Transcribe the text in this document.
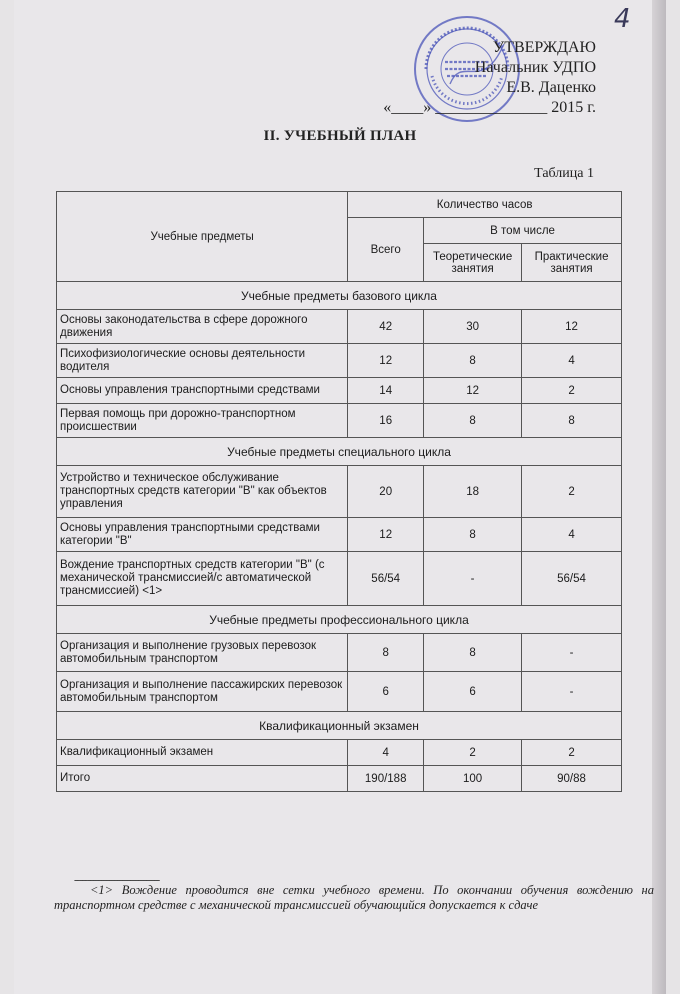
4
УТВЕРЖДАЮ
Начальник УДПО
Е.В. Даценко
«____» ______________ 2015 г.
II. УЧЕБНЫЙ ПЛАН
Таблица 1
Учебные предметы	Количество часов		
	Всего	В том числе	
		Теоретические занятия	Практические занятия
Учебные предметы базового цикла			
Основы законодательства в сфере дорожного движения	42	30	12
Психофизиологические основы деятельности водителя	12	8	4
Основы управления транспортными средствами	14	12	2
Первая помощь при дорожно-транспортном происшествии	16	8	8
Учебные предметы специального цикла			
Устройство и техническое обслуживание транспортных средств категории "В" как объектов управления	20	18	2
Основы управления транспортными средствами категории "В"	12	8	4
Вождение транспортных средств категории "В" (с механической трансмиссией/с автоматической трансмиссией) <1>	56/54	-	56/54
Учебные предметы профессионального цикла			
Организация и выполнение грузовых перевозок автомобильным транспортом	8	8	-
Организация и выполнение пассажирских перевозок автомобильным транспортом	6	6	-
Квалификационный экзамен			
Квалификационный экзамен	4	2	2
Итого	190/188	100	90/88
--------------------------------
<1> Вождение проводится вне сетки учебного времени. По окончании обучения вождению на транспортном средстве с механической трансмиссией обучающийся допускается к сдаче
